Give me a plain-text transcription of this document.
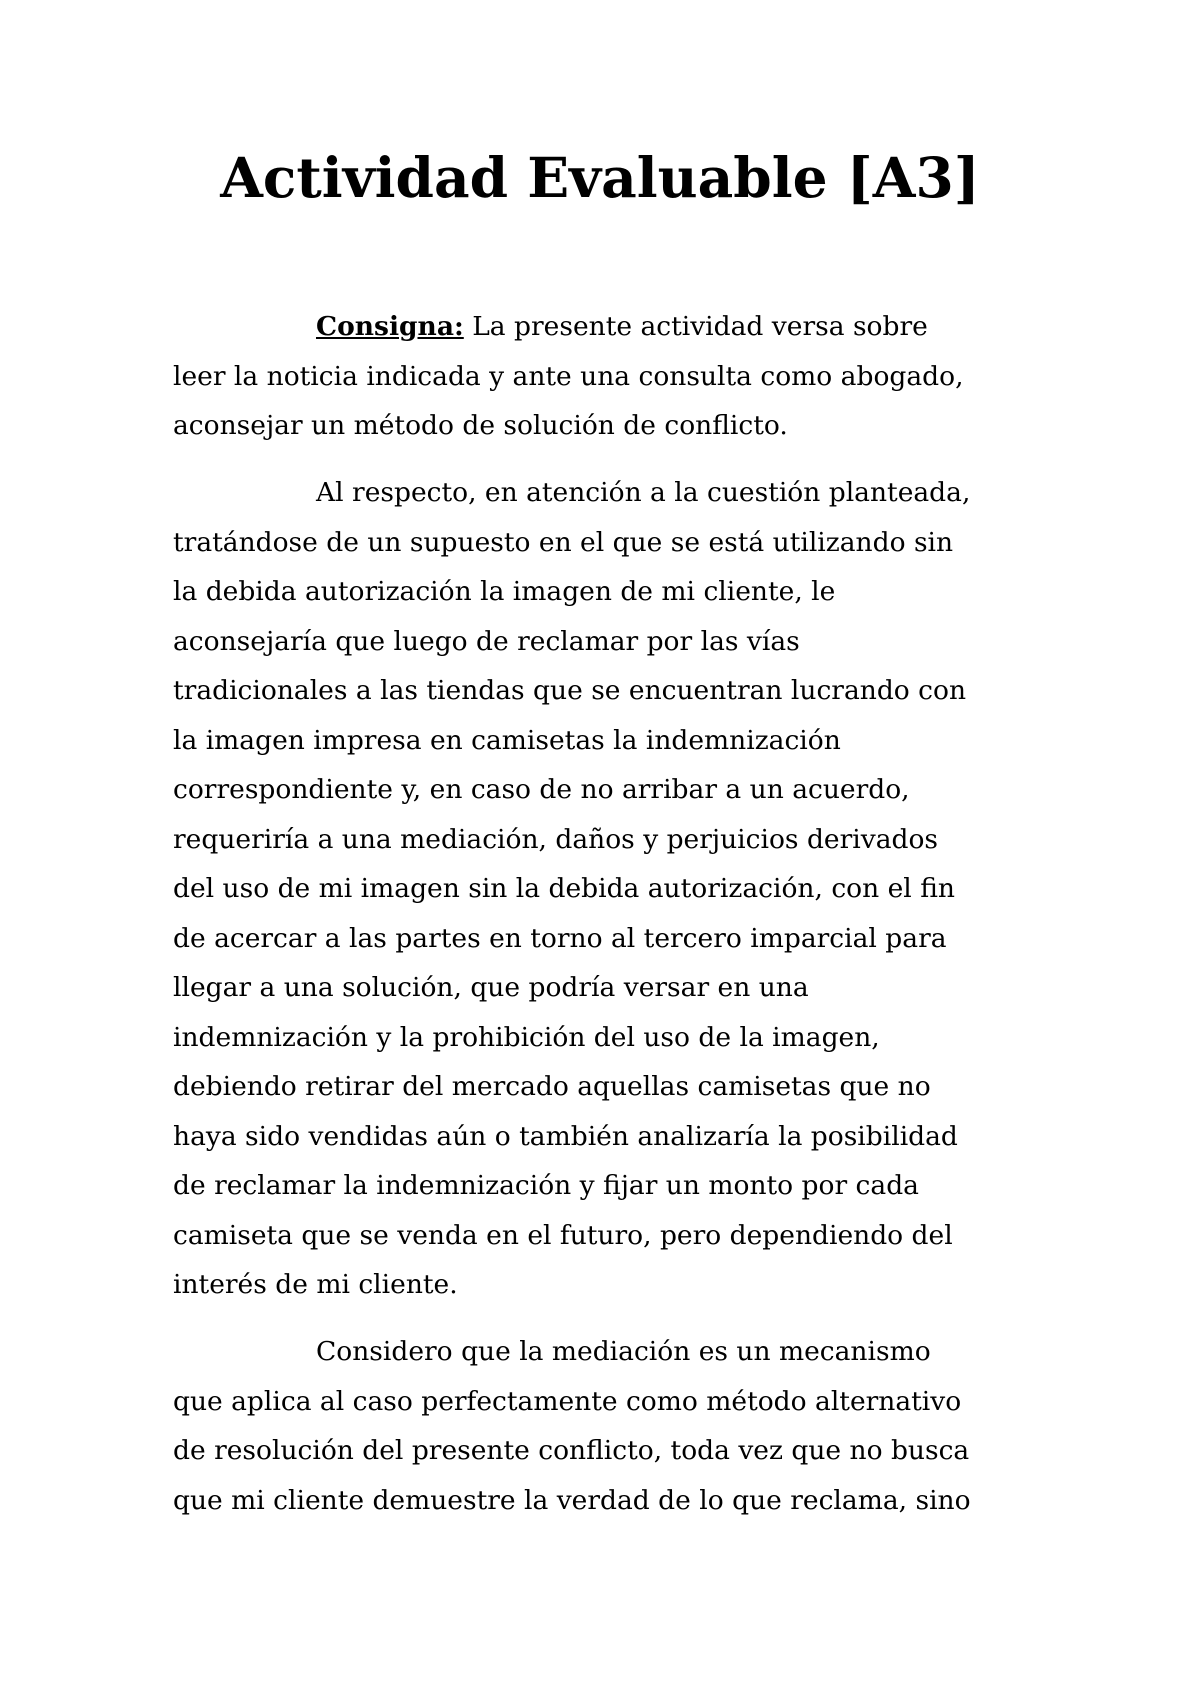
Actividad Evaluable [A3]
Consigna: La presente actividad versa sobre
leer la noticia indicada y ante una consulta como abogado,
aconsejar un método de solución de conflicto.
Al respecto, en atención a la cuestión planteada,
tratándose de un supuesto en el que se está utilizando sin
la debida autorización la imagen de mi cliente, le
aconsejaría que luego de reclamar por las vías
tradicionales a las tiendas que se encuentran lucrando con
la imagen impresa en camisetas la indemnización
correspondiente y, en caso de no arribar a un acuerdo,
requeriría a una mediación, daños y perjuicios derivados
del uso de mi imagen sin la debida autorización, con el fin
de acercar a las partes en torno al tercero imparcial para
llegar a una solución, que podría versar en una
indemnización y la prohibición del uso de la imagen,
debiendo retirar del mercado aquellas camisetas que no
haya sido vendidas aún o también analizaría la posibilidad
de reclamar la indemnización y fijar un monto por cada
camiseta que se venda en el futuro, pero dependiendo del
interés de mi cliente.
Considero que la mediación es un mecanismo
que aplica al caso perfectamente como método alternativo
de resolución del presente conflicto, toda vez que no busca
que mi cliente demuestre la verdad de lo que reclama, sino
